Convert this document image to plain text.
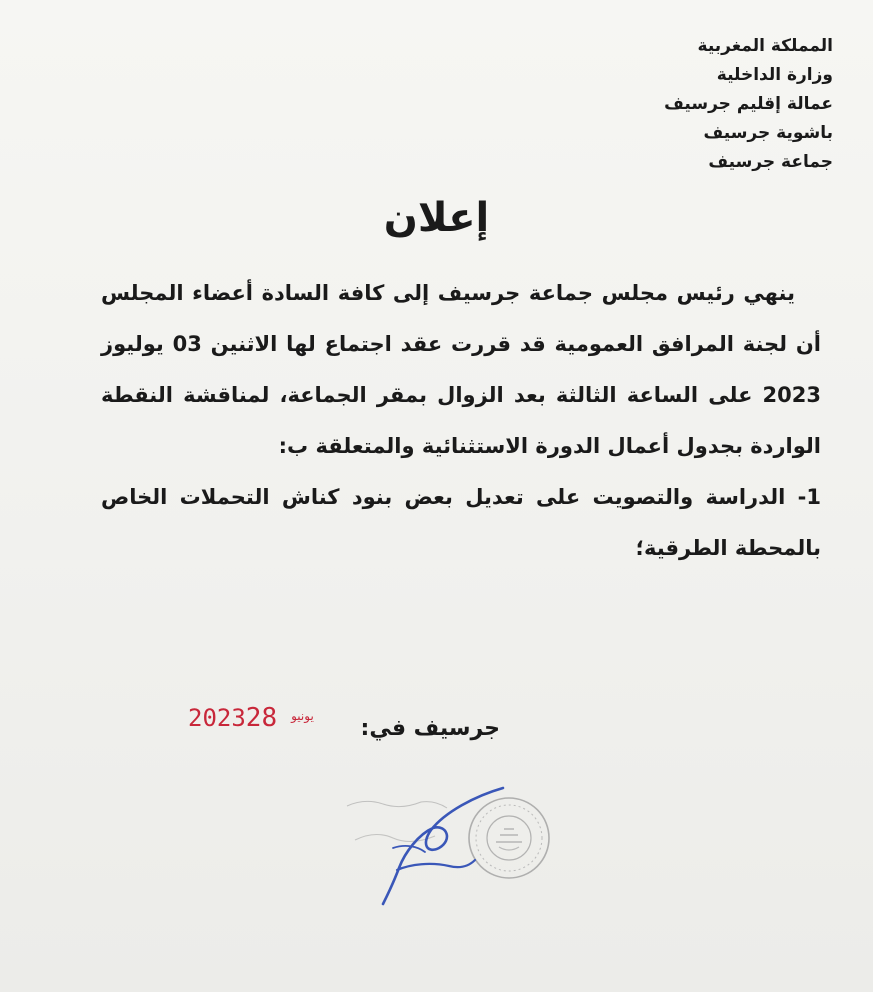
المملكة المغربية
وزارة الداخلية
عمالة إقليم جرسيف
باشوية جرسيف
جماعة جرسيف
إعلان

ينهي رئيس مجلس جماعة جرسيف إلى كافة السادة أعضاء المجلس أن لجنة المرافق العمومية قد قررت عقد اجتماع لها الاثنين 03 يوليوز 2023 على الساعة الثالثة بعد الزوال بمقر الجماعة، لمناقشة النقطة الواردة بجدول أعمال الدورة الاستثنائية والمتعلقة ب:

1- الدراسة والتصويت على تعديل بعض بنود كناش التحملات الخاص بالمحطة الطرقية؛

جرسيف في:
2023	$^{يونيو}$28
